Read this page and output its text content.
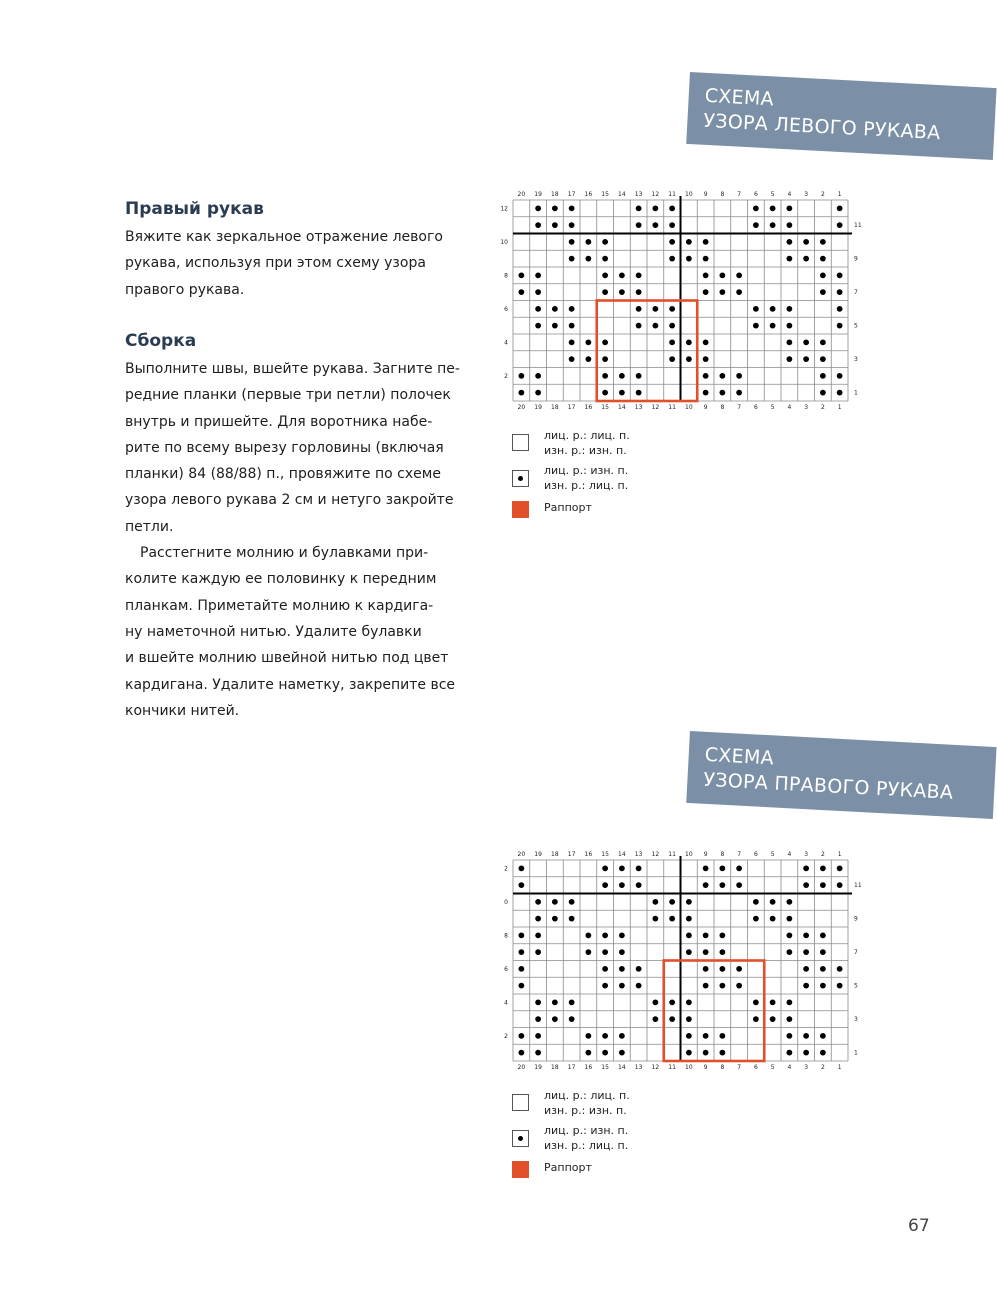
СХЕМА
УЗОРА ЛЕВОГО РУКАВА
СХЕМА
УЗОРА ПРАВОГО РУКАВА
Правый рукав

Вяжите как зеркальное отражение левого

рукава, используя при этом схему узора

правого рукава.

Сборка

Выполните швы, вшейте рукава. Загните пе-

редние планки (первые три петли) полочек

внутрь и пришейте. Для воротника набе-

рите по всему вырезу горловины (включая

планки) 84 (88/88) п., провяжите по схеме

узора левого рукава 2 см и нетуго закройте

петли.

Расстегните молнию и булавками при-

колите каждую ее половинку к передним

планкам. Приметайте молнию к кардига-

ну наметочной нитью. Удалите булавки

и вшейте молнию швейной нитью под цвет

кардигана. Удалите наметку, закрепите все

кончики нитей.

20
20
19
19
18
18
17
17
16
16
15
15
14
14
13
13
12
12
11
11
10
10
9
9
8
8
7
7
6
6
5
5
4
4
3
3
2
2
1
1
12
11
10
9
8
7
6
5
4
3
2
1
20
20
19
19
18
18
17
17
16
16
15
15
14
14
13
13
12
12
11
11
10
10
9
9
8
8
7
7
6
6
5
5
4
4
3
3
2
2
1
1
2
11
0
9
8
7
6
5
4
3
2
1
лиц. р.: лиц. п.
изн. р.: изн. п.
лиц. р.: изн. п.
изн. р.: лиц. п.
Раппорт
лиц. р.: лиц. п.
изн. р.: изн. п.
лиц. р.: изн. п.
изн. р.: лиц. п.
Раппорт
67
